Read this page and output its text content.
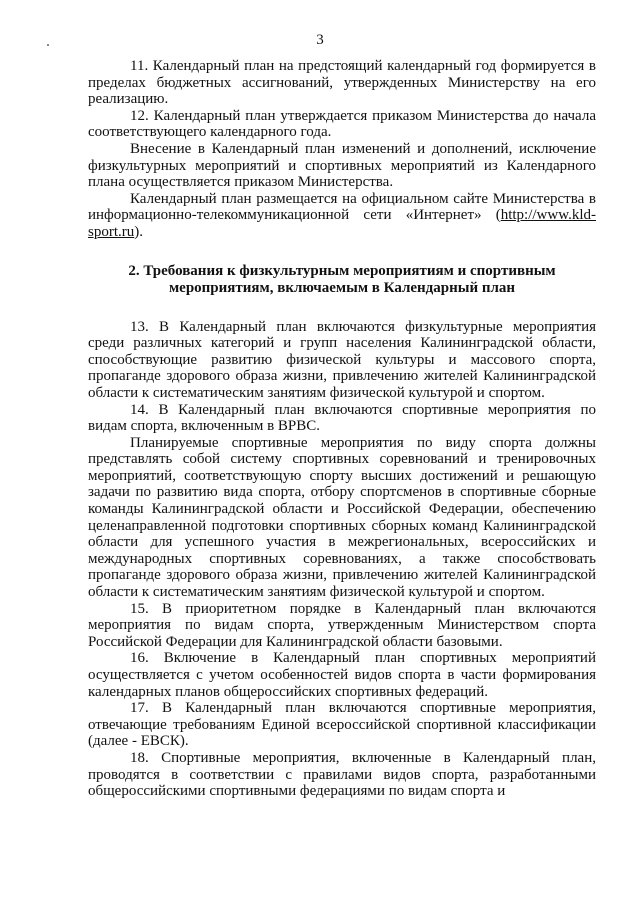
3

11. Календарный план на предстоящий календарный год формируется в пределах бюджетных ассигнований, утвержденных Министерству на его реализацию.

12. Календарный план утверждается приказом Министерства до начала соответствующего календарного года.

Внесение в Календарный план изменений и дополнений, исключение физкультурных мероприятий и спортивных мероприятий из Календарного плана осуществляется приказом Министерства.

Календарный план размещается на официальном сайте Министерства в информационно-телекоммуникационной сети «Интернет» (http://www.kld-sport.ru).

2. Требования к физкультурным мероприятиям и спортивным
мероприятиям, включаемым в Календарный план

13. В Календарный план включаются физкультурные мероприятия среди различных категорий и групп населения Калининградской области, способствующие развитию физической культуры и массового спорта, пропаганде здорового образа жизни, привлечению жителей Калининградской области к систематическим занятиям физической культурой и спортом.

14. В Календарный план включаются спортивные мероприятия по видам спорта, включенным в ВРВС.

Планируемые спортивные мероприятия по виду спорта должны представлять собой систему спортивных соревнований и тренировочных мероприятий, соответствующую спорту высших достижений и решающую задачи по развитию вида спорта, отбору спортсменов в спортивные сборные команды Калининградской области и Российской Федерации, обеспечению целенаправленной подготовки спортивных сборных команд Калининградской области для успешного участия в межрегиональных, всероссийских и международных спортивных соревнованиях, а также способствовать пропаганде здорового образа жизни, привлечению жителей Калининградской области к систематическим занятиям физической культурой и спортом.

15. В приоритетном порядке в Календарный план включаются мероприятия по видам спорта, утвержденным Министерством спорта Российской Федерации для Калининградской области базовыми.

16. Включение в Календарный план спортивных мероприятий осуществляется с учетом особенностей видов спорта в части формирования календарных планов общероссийских спортивных федераций.

17. В Календарный план включаются спортивные мероприятия, отвечающие требованиям Единой всероссийской спортивной классификации (далее - ЕВСК).

18. Спортивные мероприятия, включенные в Календарный план, проводятся в соответствии с правилами видов спорта, разработанными общероссийскими спортивными федерациями по видам спорта и
